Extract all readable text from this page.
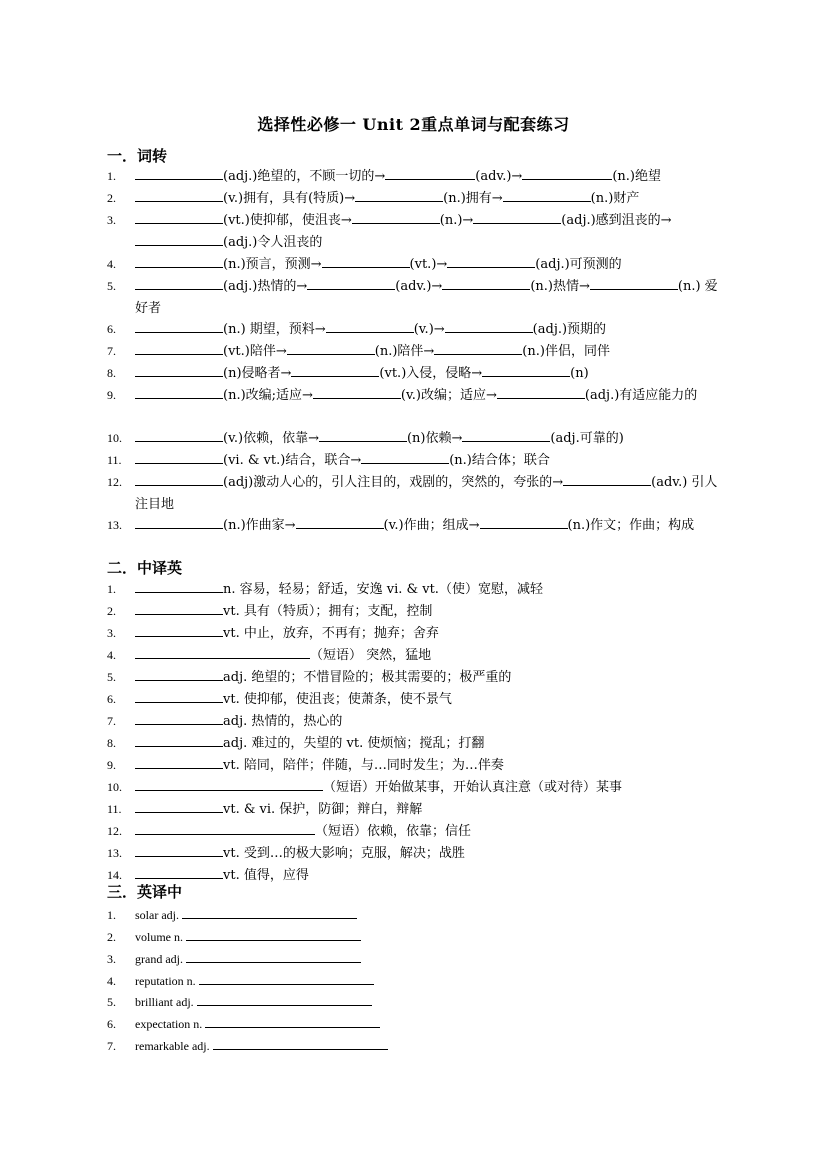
选择性必修一 Unit 2重点单词与配套练习
一．词转
1.	(adj.)绝望的，不顾一切的→	(adv.)→	(n.)绝望
2.	(v.)拥有，具有(特质)→	(n.)拥有→	(n.)财产
3.	(vt.)使抑郁，使沮丧→	(n.)→	(adj.)感到沮丧的→
(adj.)令人沮丧的
4.	(n.)预言，预测→	(vt.)→	(adj.)可预测的
5.	(adj.)热情的→	(adv.)→	(n.)热情→	(n.) 爱好者
6.	(n.) 期望，预料→	(v.)→	(adj.)预期的
7.	(vt.)陪伴→	(n.)陪伴→	(n.)伴侣，同伴
8.	(n)侵略者→	(vt.)入侵，侵略→	(n)
9.	(n.)改编;适应→	(v.)改编；适应→	(adj.)有适应能力的
10.	(v.)依赖，依靠→	(n)依赖→	(adj.可靠的)
11.	(vi. & vt.)结合，联合→	(n.)结合体；联合
12.	(adj)激动人心的，引人注目的，戏剧的，突然的，夸张的→	(adv.) 引人注目地
13.	(n.)作曲家→	(v.)作曲；组成→	(n.)作文；作曲；构成
二．中译英
1.	n. 容易，轻易；舒适，安逸 vi. & vt.（使）宽慰，减轻
2.	vt. 具有（特质）；拥有；支配，控制
3.	vt. 中止，放弃，不再有；抛弃；舍弃
4.	（短语） 突然，猛地
5.	adj. 绝望的；不惜冒险的；极其需要的；极严重的
6.	vt. 使抑郁，使沮丧；使萧条，使不景气
7.	adj. 热情的，热心的
8.	adj. 难过的，失望的 vt. 使烦恼；搅乱；打翻
9.	vt. 陪同，陪伴；伴随，与…同时发生；为…伴奏
10.	（短语）开始做某事，开始认真注意（或对待）某事
11.	vt. & vi. 保护，防御；辩白，辩解
12.	（短语）依赖，依靠；信任
13.	vt. 受到…的极大影响；克服，解决；战胜
14.	vt. 值得，应得
三．英译中
1.	solar adj.
2.	volume n.
3.	grand adj.
4.	reputation n.
5.	brilliant adj.
6.	expectation n.
7.	remarkable adj.
